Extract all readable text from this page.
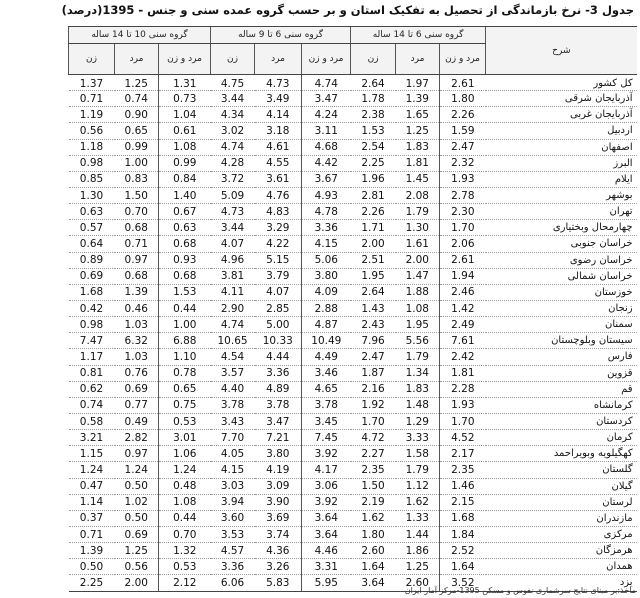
جدول 3- نرخ بازماندگی از تحصیل به تفکیک استان و بر حسب گروه عمده سنی و جنس - 1395(درصد)
گروه سنی 10 تا 14 ساله			گروه سنی 6 تا 9 ساله			گروه سنی 6 تا 14 ساله			شرح
زن	مرد	مرد و زن	زن	مرد	مرد و زن	زن	مرد	مرد و زن	
1.37	1.25	1.31	4.75	4.73	4.74	2.64	1.97	2.61	کل کشور
0.71	0.74	0.73	3.44	3.49	3.47	1.78	1.39	1.80	آذربایجان شرقی
1.19	0.90	1.04	4.34	4.14	4.24	2.38	1.65	2.26	آذربایجان غربی
0.56	0.65	0.61	3.02	3.18	3.11	1.53	1.25	1.59	اردبیل
1.18	0.99	1.08	4.74	4.61	4.68	2.54	1.83	2.47	اصفهان
0.98	1.00	0.99	4.28	4.55	4.42	2.25	1.81	2.32	البرز
0.85	0.83	0.84	3.72	3.61	3.67	1.96	1.45	1.93	ایلام
1.30	1.50	1.40	5.09	4.76	4.93	2.81	2.08	2.78	بوشهر
0.63	0.70	0.67	4.73	4.83	4.78	2.26	1.79	2.30	تهران
0.57	0.68	0.63	3.44	3.29	3.36	1.71	1.30	1.70	چهارمحال وبختیاری
0.64	0.71	0.68	4.07	4.22	4.15	2.00	1.61	2.06	خراسان جنوبی
0.89	0.97	0.93	4.96	5.15	5.06	2.51	2.00	2.61	خراسان رضوی
0.69	0.68	0.68	3.81	3.79	3.80	1.95	1.47	1.94	خراسان شمالی
1.68	1.39	1.53	4.11	4.07	4.09	2.64	1.88	2.46	خوزستان
0.42	0.46	0.44	2.90	2.85	2.88	1.43	1.08	1.42	زنجان
0.98	1.03	1.00	4.74	5.00	4.87	2.43	1.95	2.49	سمنان
7.47	6.32	6.88	10.65	10.33	10.49	7.96	5.56	7.61	سیستان وبلوچستان
1.17	1.03	1.10	4.54	4.44	4.49	2.47	1.79	2.42	فارس
0.81	0.76	0.78	3.57	3.36	3.46	1.87	1.34	1.81	قزوین
0.62	0.69	0.65	4.40	4.89	4.65	2.16	1.83	2.28	قم
0.74	0.77	0.75	3.78	3.78	3.78	1.92	1.48	1.93	کرمانشاه
0.58	0.49	0.53	3.43	3.47	3.45	1.70	1.29	1.70	کردستان
3.21	2.82	3.01	7.70	7.21	7.45	4.72	3.33	4.52	کرمان
1.15	0.97	1.06	4.05	3.80	3.92	2.27	1.58	2.17	کهگیلویه وبویراحمد
1.24	1.24	1.24	4.15	4.19	4.17	2.35	1.79	2.35	گلستان
0.47	0.50	0.48	3.03	3.09	3.06	1.50	1.12	1.46	گیلان
1.14	1.02	1.08	3.94	3.90	3.92	2.19	1.62	2.15	لرستان
0.37	0.50	0.44	3.60	3.69	3.64	1.62	1.33	1.68	مازندران
0.71	0.69	0.70	3.53	3.74	3.64	1.80	1.44	1.84	مرکزی
1.39	1.25	1.32	4.57	4.36	4.46	2.60	1.86	2.52	هرمزگان
0.50	0.56	0.53	3.36	3.26	3.31	1.64	1.25	1.64	همدان
2.25	2.00	2.12	6.06	5.83	5.95	3.64	2.60	3.52	یزد
ماخذ:بر مبنای نتایج سرشماری نفوس و مسکن 1395-مرکز آمار ایران
